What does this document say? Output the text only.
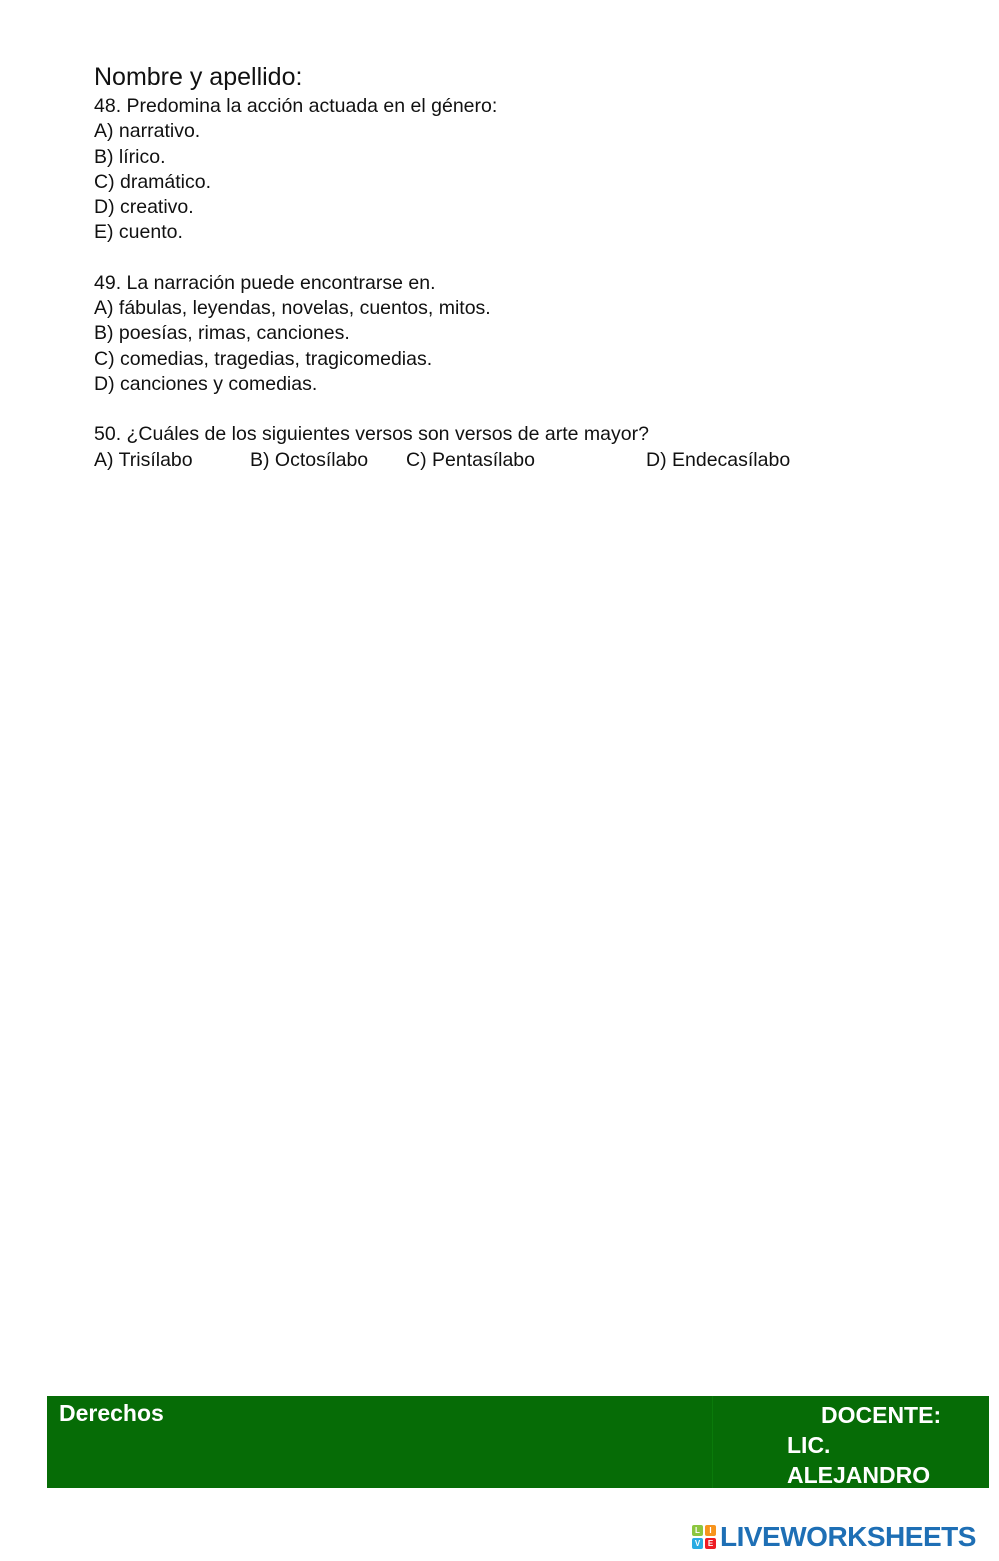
Nombre y apellido:

48. Predomina la acción actuada en el género:

A) narrativo.

B) lírico.

C) dramático.

D) creativo.

E) cuento.

49. La narración puede encontrarse en.

A) fábulas, leyendas, novelas, cuentos, mitos.

B) poesías, rimas, canciones.

C) comedias, tragedias, tragicomedias.

D) canciones y comedias.

50. ¿Cuáles de los siguientes versos son versos de arte mayor?

A) Trisílabo	B) Octosílabo C) Pentasílabo	D) Endecasílabo
Derechos	DOCENTE:
LIC.
ALEJANDRO
L	I
V E LIVEWORKSHEETS
